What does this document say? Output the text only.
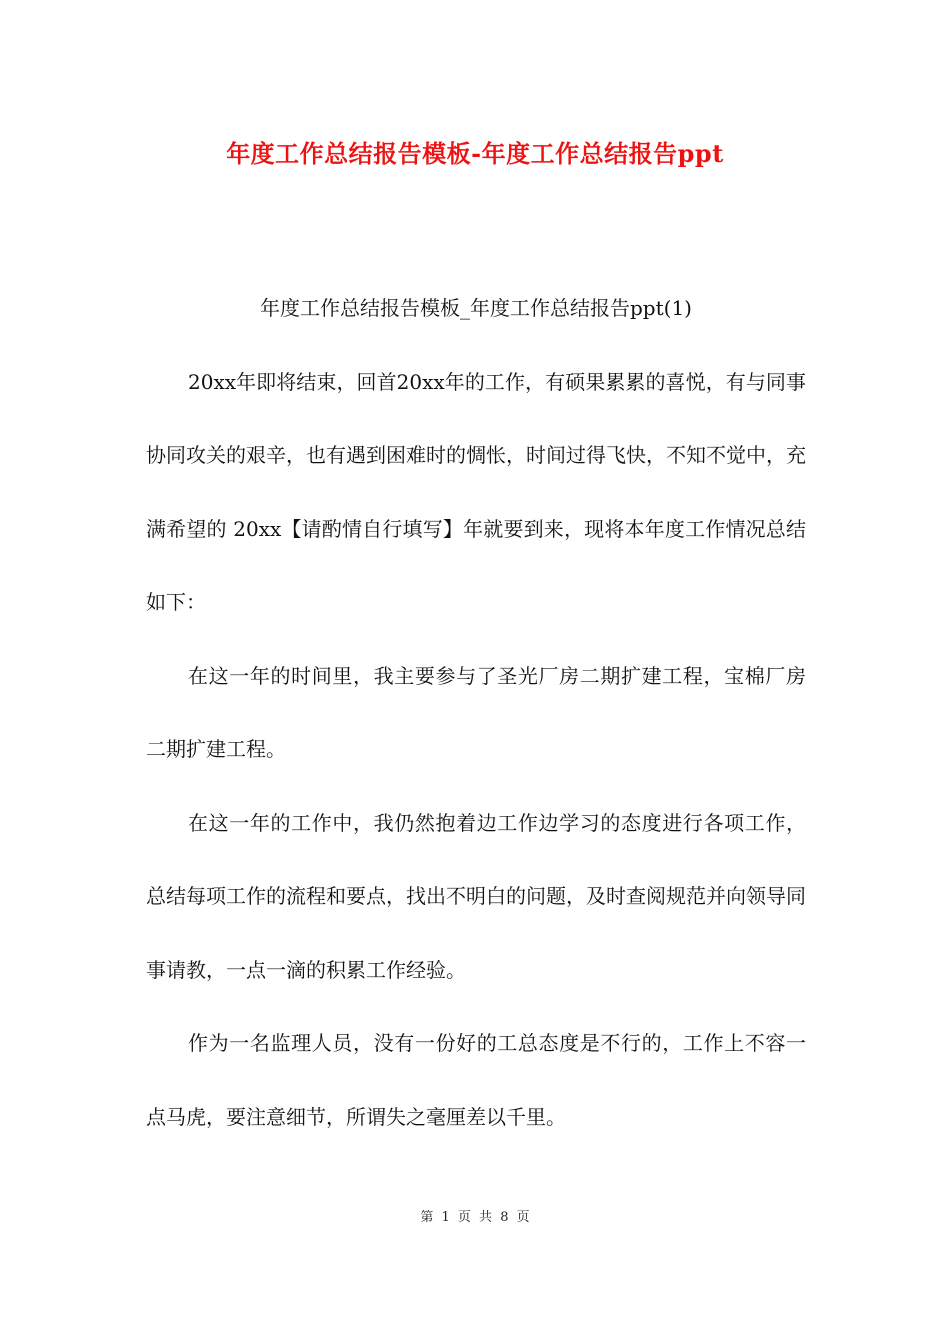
年度工作总结报告模板-年度工作总结报告ppt

年度工作总结报告模板_年度工作总结报告ppt(1)

20xx年即将结束，回首20xx年的工作，有硕果累累的喜悦，有与同事协同攻关的艰辛，也有遇到困难时的惆怅，时间过得飞快，不知不觉中，充满希望的 20xx【请酌情自行填写】年就要到来，现将本年度工作情况总结如下：

在这一年的时间里，我主要参与了圣光厂房二期扩建工程，宝棉厂房二期扩建工程。

在这一年的工作中，我仍然抱着边工作边学习的态度进行各项工作，总结每项工作的流程和要点，找出不明白的问题，及时查阅规范并向领导同事请教，一点一滴的积累工作经验。

作为一名监理人员，没有一份好的工总态度是不行的，工作上不容一点马虎，要注意细节，所谓失之毫厘差以千里。

第 1 页 共 8 页
